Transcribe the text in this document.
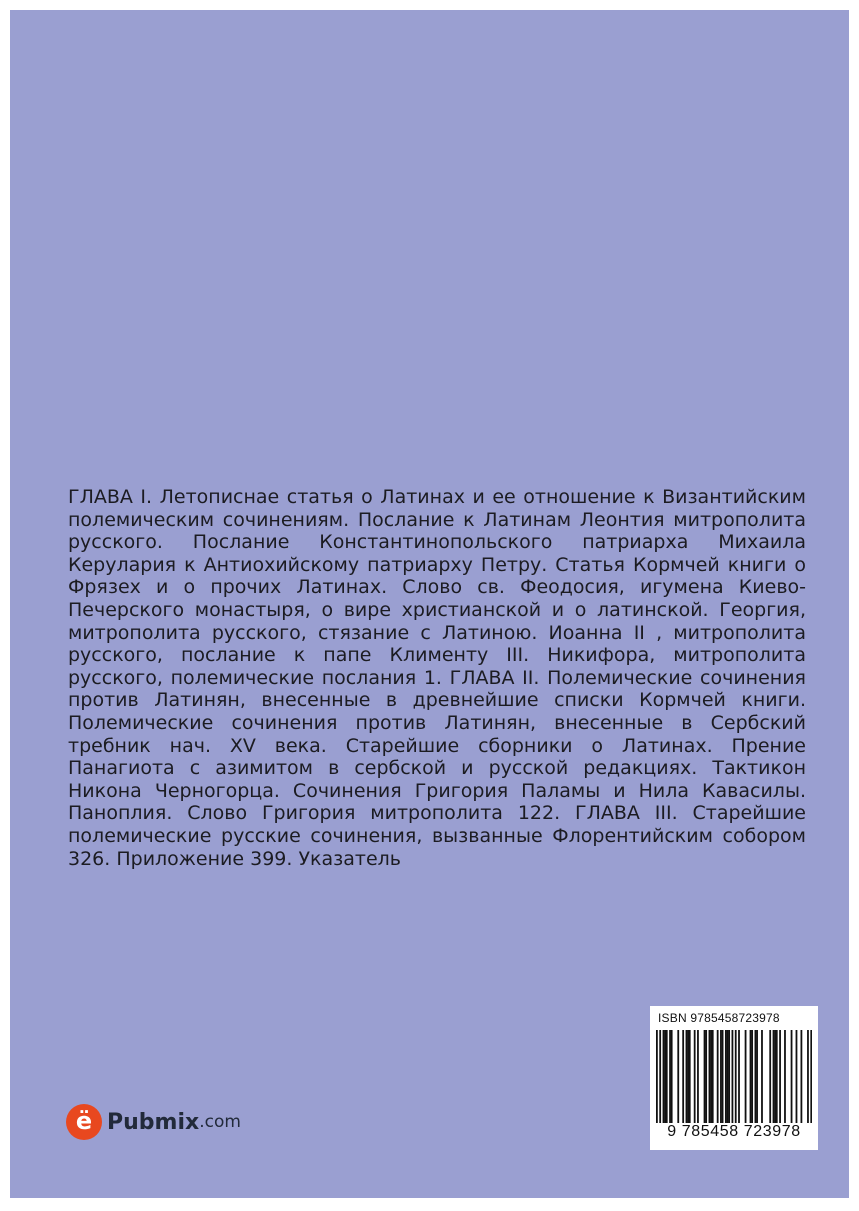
ГЛАВА I. Летописнае статья о Латинах и ее отношение к Византийским полемическим сочинениям. Послание к Латинам Леонтия митрополита русского. Послание Константинопольского патриарха Михаила Керулария к Антиохийскому патриарху Петру. Статья Кормчей книги о Фрязех и о прочих Латинах. Слово св. Феодосия, игумена Киево-Печерского монастыря, о вире христианской и о латинской. Георгия, митрополита русского, стязание с Латиною. Иоанна II , митрополита русского, послание к папе Клименту III. Никифора, митрополита русского, полемические послания 1. ГЛАВА II. Полемические сочинения против Латинян, внесенные в древнейшие списки Кормчей книги. Полемические сочинения против Латинян, внесенные в Сербский требник нач. XV века. Старейшие сборники о Латинах. Прение Панагиота с азимитом в сербской и русской редакциях. Тактикон Никона Черногорца. Сочинения Григория Паламы и Нила Кавасилы. Паноплия. Слово Григория митрополита 122. ГЛАВА III. Старейшие полемические русские сочинения, вызванные Флорентийским собором 326. Приложение 399. Указатель

ISBN 9785458723978
9 785458 723978
ё Pubmix .com
